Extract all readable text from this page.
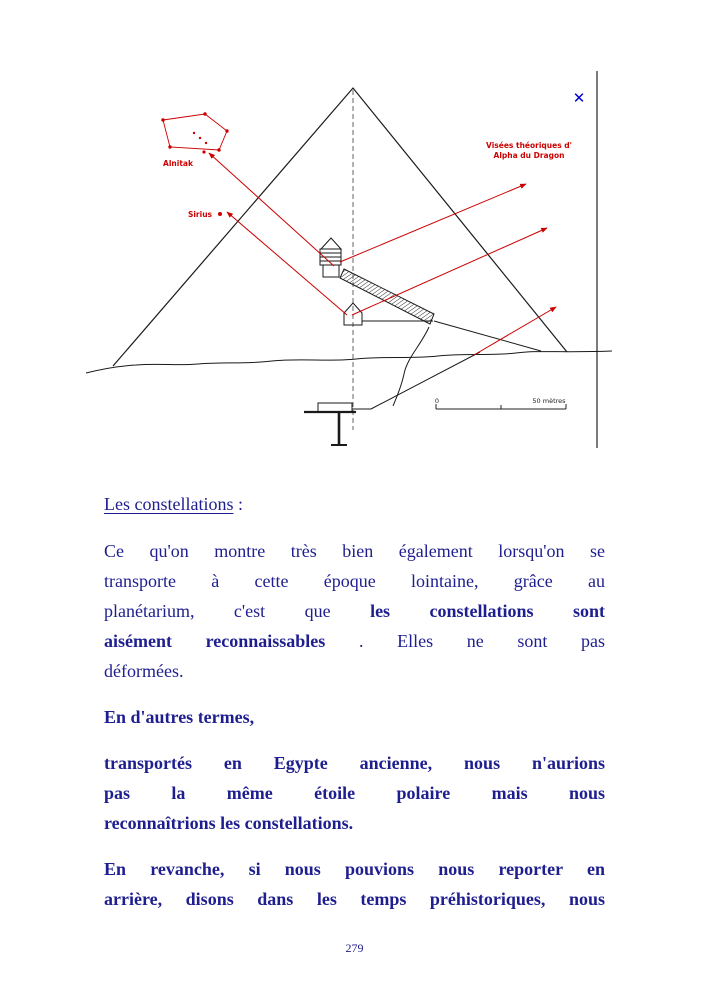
Alnitak
Sirius
Visées théoriques d'
Alpha du Dragon
0	50 mètres
✕
Les constellations :
Ce qu'on montre très bien également lorsqu'on se
transporte à cette époque lointaine, grâce au
planétarium, c'est que les constellations sont
aisément reconnaissables . Elles ne sont pas
déformées.
En d'autres termes,
transportés en Egypte ancienne, nous n'aurions
pas la même étoile polaire mais nous
reconnaîtrions les constellations.
En revanche, si nous pouvions nous reporter en
arrière, disons dans les temps préhistoriques, nous
279
